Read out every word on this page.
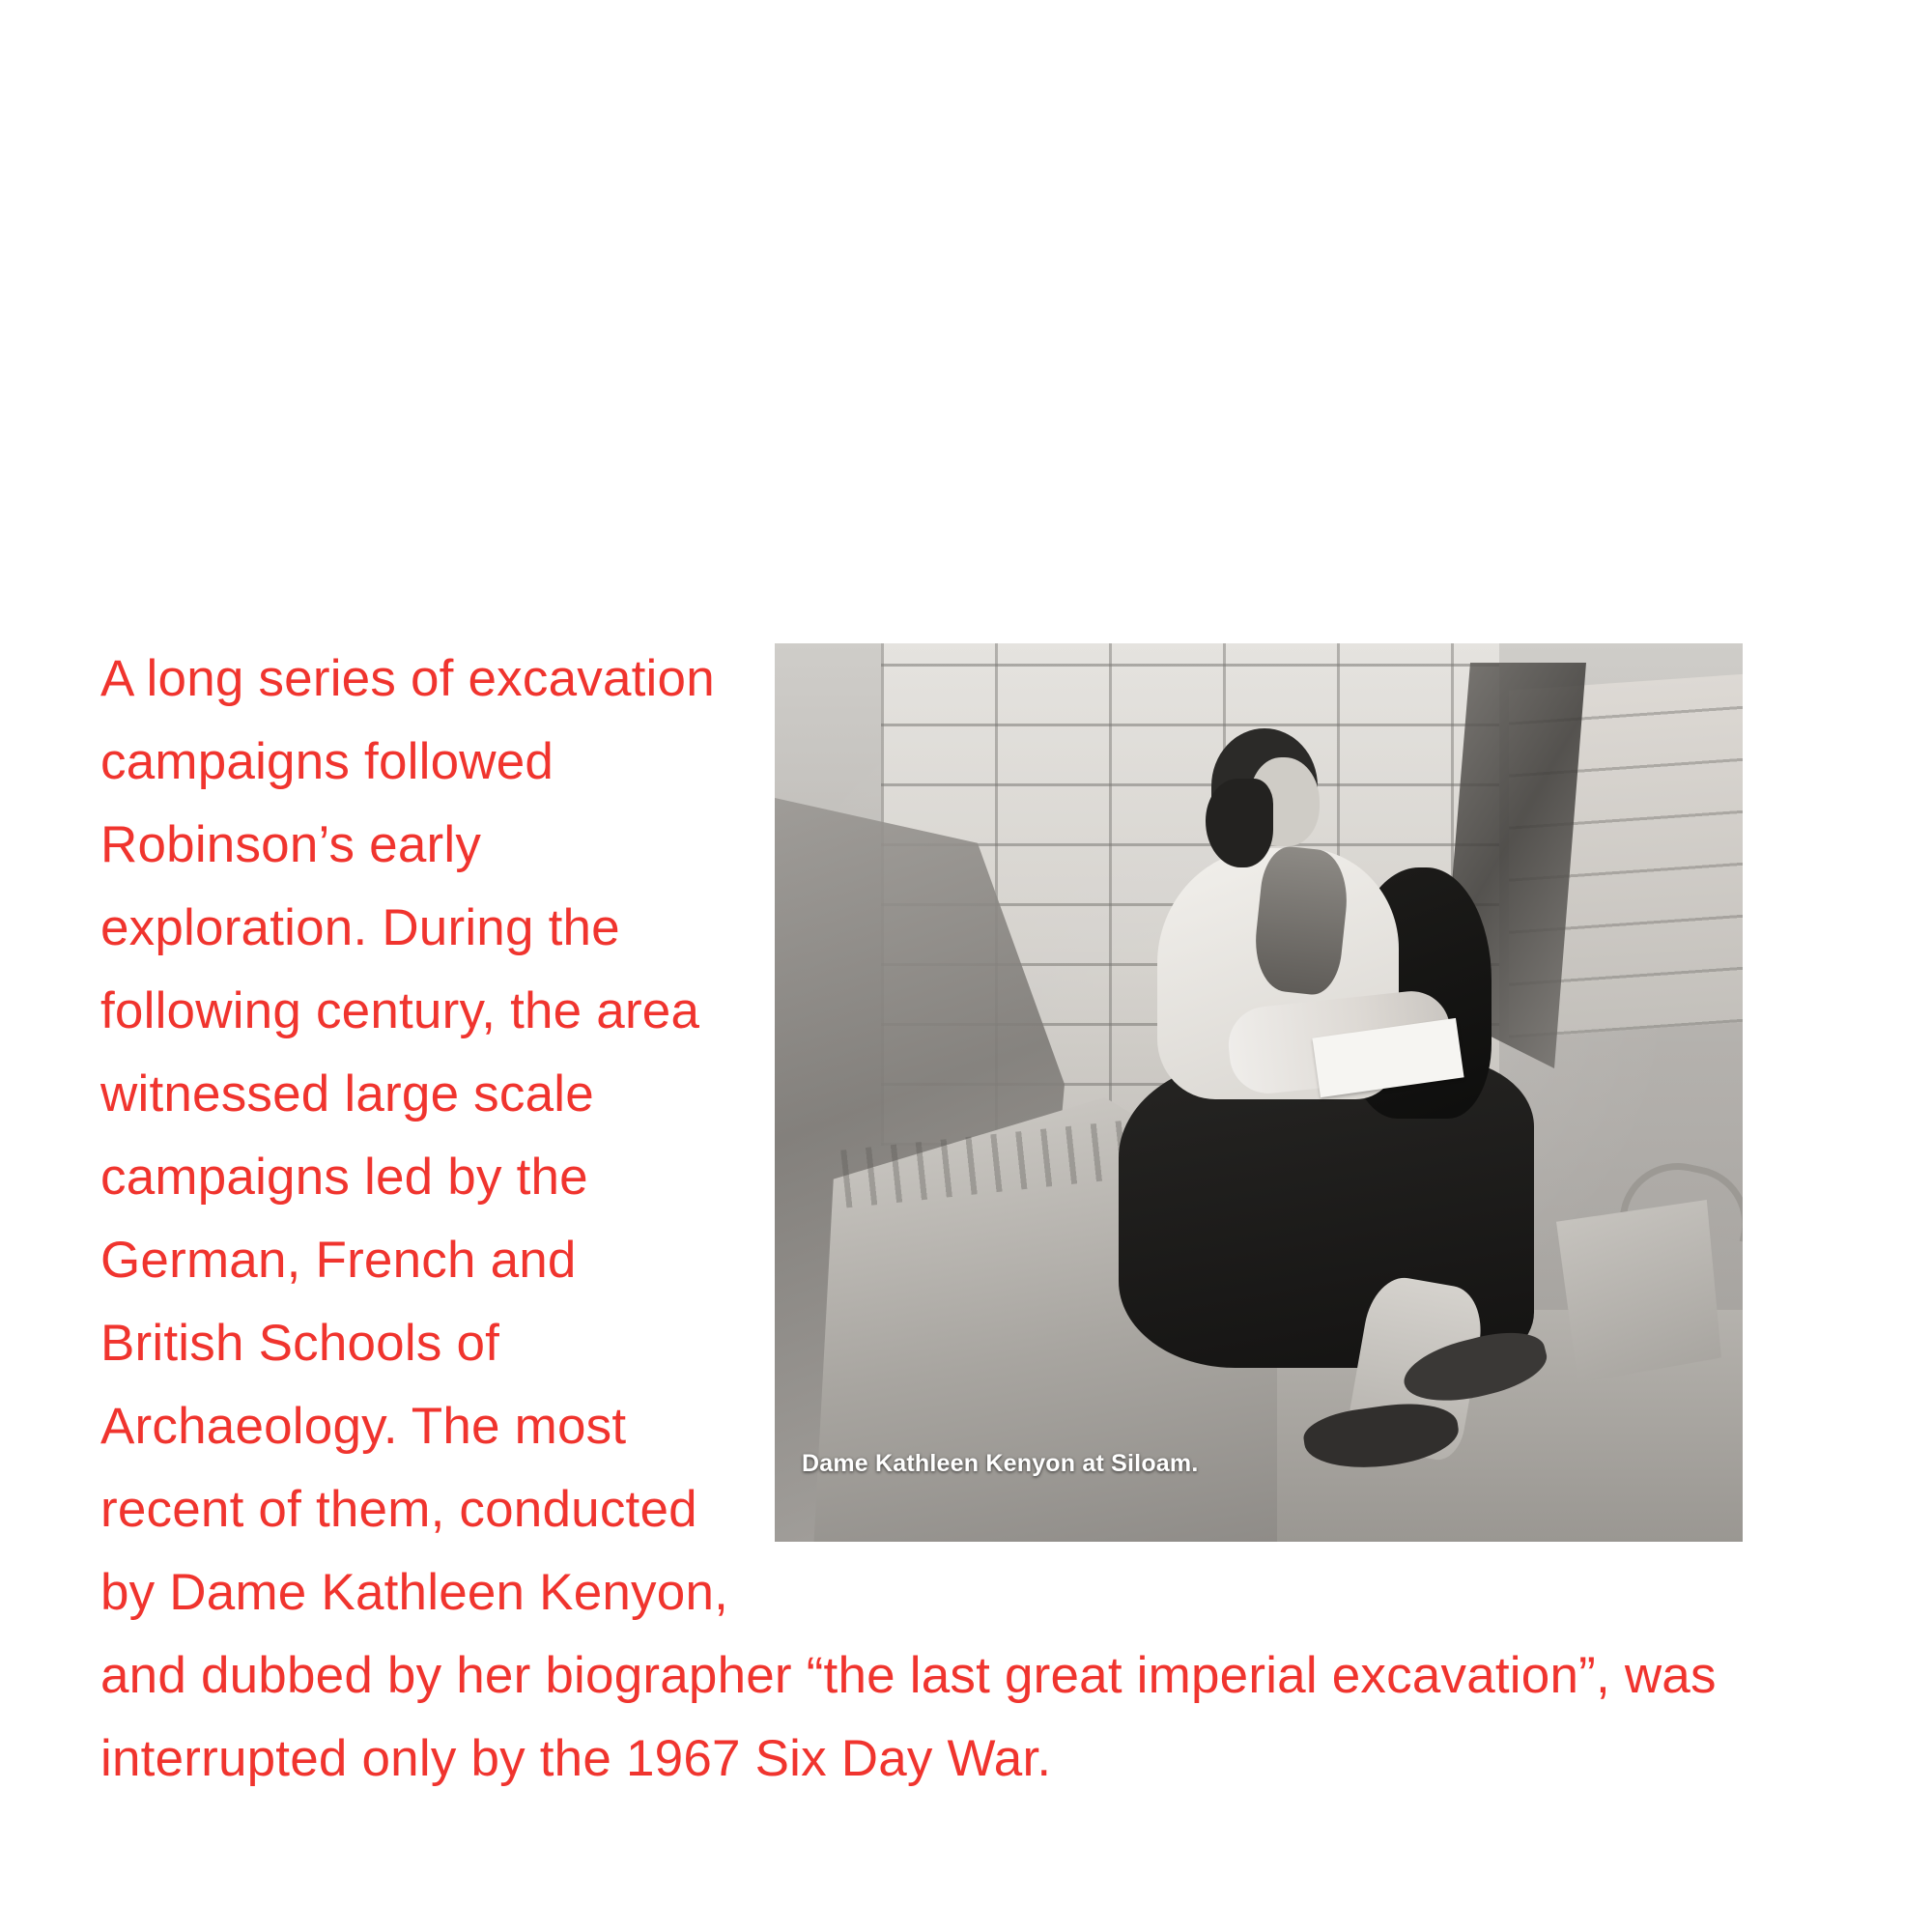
Dame Kathleen Kenyon at Siloam.

A long series of excavation campaigns followed Robinson’s early exploration. During the following century, the area witnessed large scale campaigns led by the German, French and British Schools of Archaeology. The most recent of them, conducted by Dame Kathleen Kenyon, and dubbed by her biographer “the last great imperial excavation”, was interrupted only by the 1967 Six Day War.
